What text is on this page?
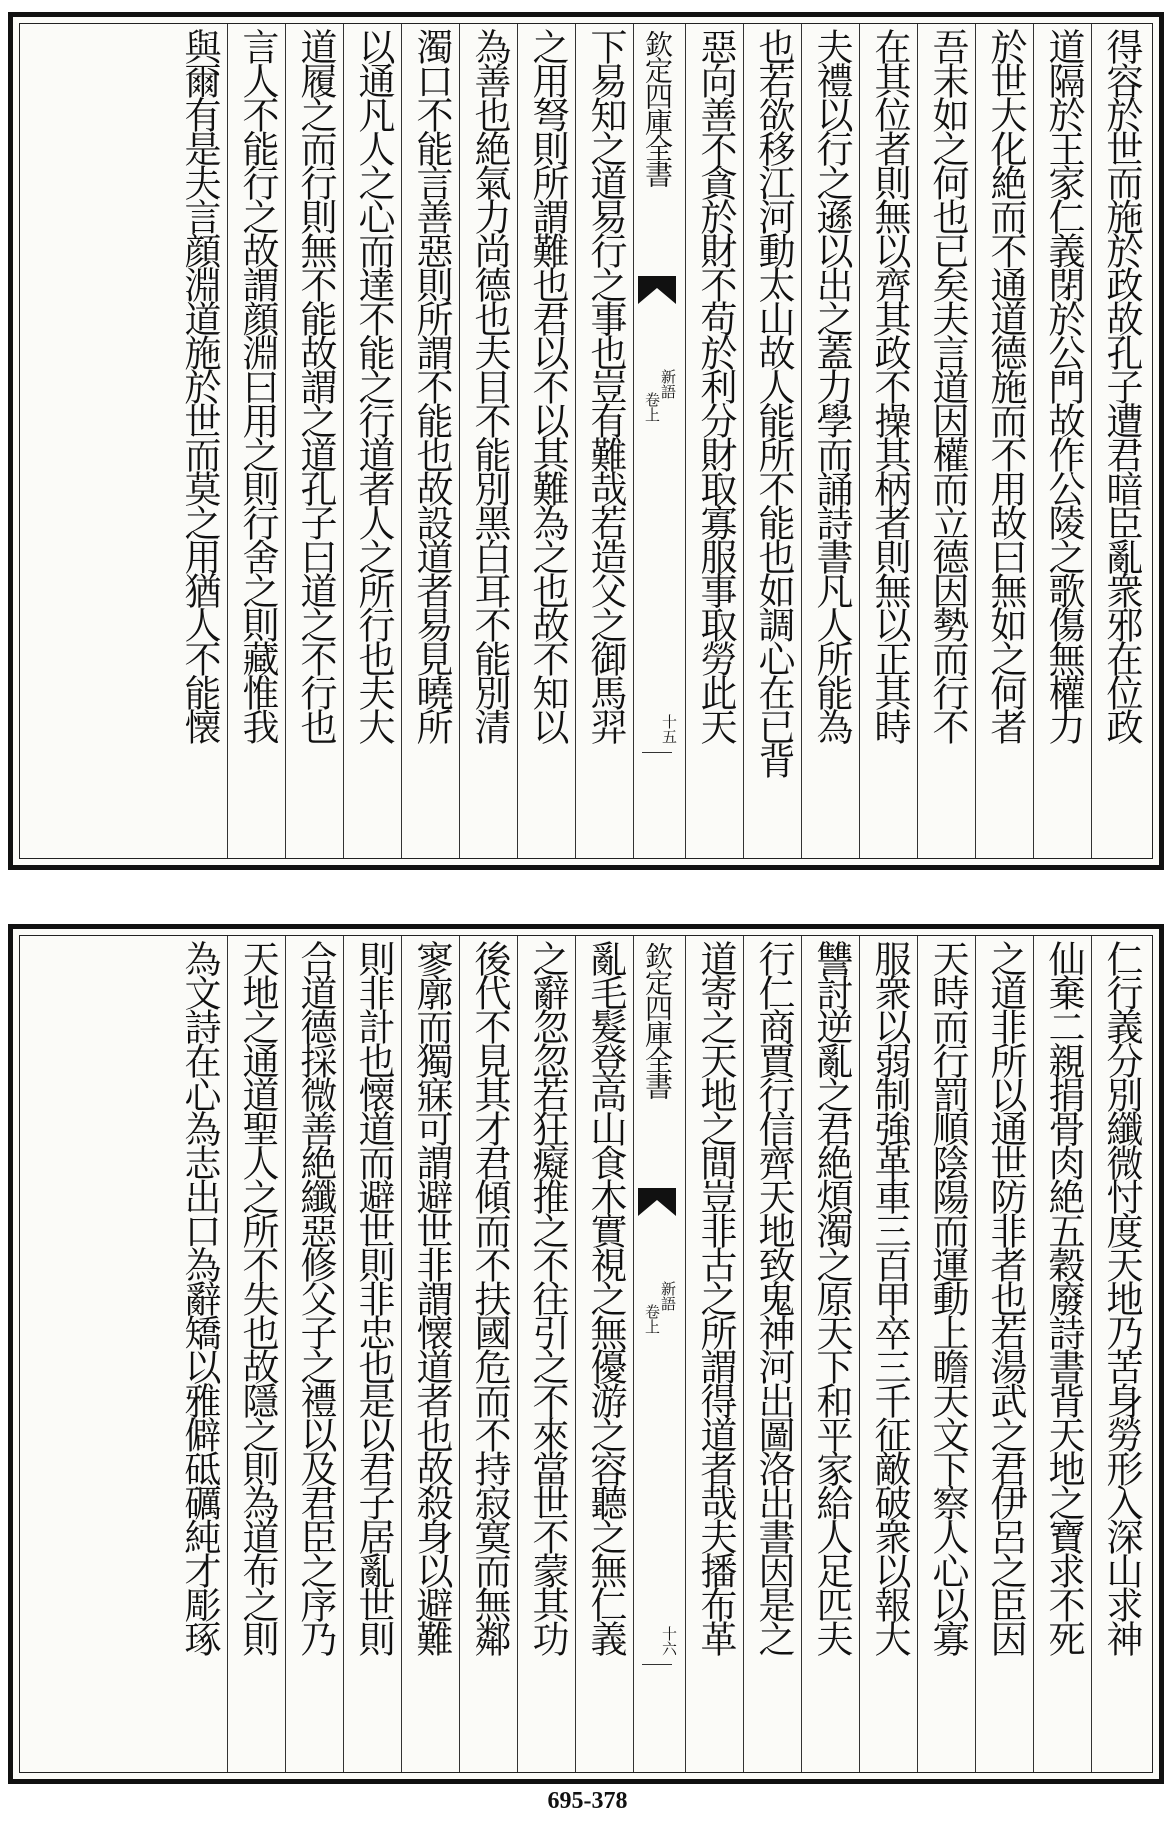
得容於世而施於政故孔子遭君暗臣亂衆邪在位政
道隔於王家仁義閉於公門故作公陵之歌傷無權力
於世大化絶而不通道德施而不用故曰無如之何者
吾末如之何也已矣夫言道因權而立德因勢而行不
在其位者則無以齊其政不操其柄者則無以正其時
夫禮以行之遜以出之蓋力學而誦詩書凡人所能為
也若欲移江河動太山故人能所不能也如調心在已背
惡向善不貪於財不苟於利分財取寡服事取勞此天
欽定四庫全書
新語
卷上
十五
下易知之道易行之事也豈有難哉若造父之御馬羿
之用弩則所謂難也君以不以其難為之也故不知以
為善也絶氣力尚德也夫目不能別黑白耳不能別清
濁口不能言善惡則所謂不能也故設道者易見曉所
以通凡人之心而達不能之行道者人之所行也夫大
道履之而行則無不能故謂之道孔子曰道之不行也
言人不能行之故謂顔淵曰用之則行舍之則藏惟我
與爾有是夫言顔淵道施於世而莫之用猶人不能懐
仁行義分別纖微忖度天地乃苦身勞形入深山求神
仙棄二親捐骨肉絶五穀廢詩書背天地之寶求不死
之道非所以通世防非者也若湯武之君伊呂之臣因
天時而行罰順陰陽而運動上瞻天文下察人心以寡
服衆以弱制強革車三百甲卒三千征敵破衆以報大
讐討逆亂之君絶煩濁之原天下和平家給人足匹夫
行仁商賈行信齊天地致鬼神河出圖洛出書因是之
道寄之天地之間豈非古之所謂得道者哉夫播布革
欽定四庫全書
新語
卷上
十六
亂毛髮登高山食木實視之無優游之容聽之無仁義
之辭忽忽若狂癡推之不往引之不來當世不蒙其功
後代不見其才君傾而不扶國危而不持寂寞而無鄰
寥廓而獨寐可謂避世非謂懐道者也故殺身以避難
則非計也懐道而避世則非忠也是以君子居亂世則
合道德採微善絶纖惡修父子之禮以及君臣之序乃
天地之通道聖人之所不失也故隱之則為道布之則
為文詩在心為志出口為辭矯以雅僻砥礪純才彫琢
695-378
